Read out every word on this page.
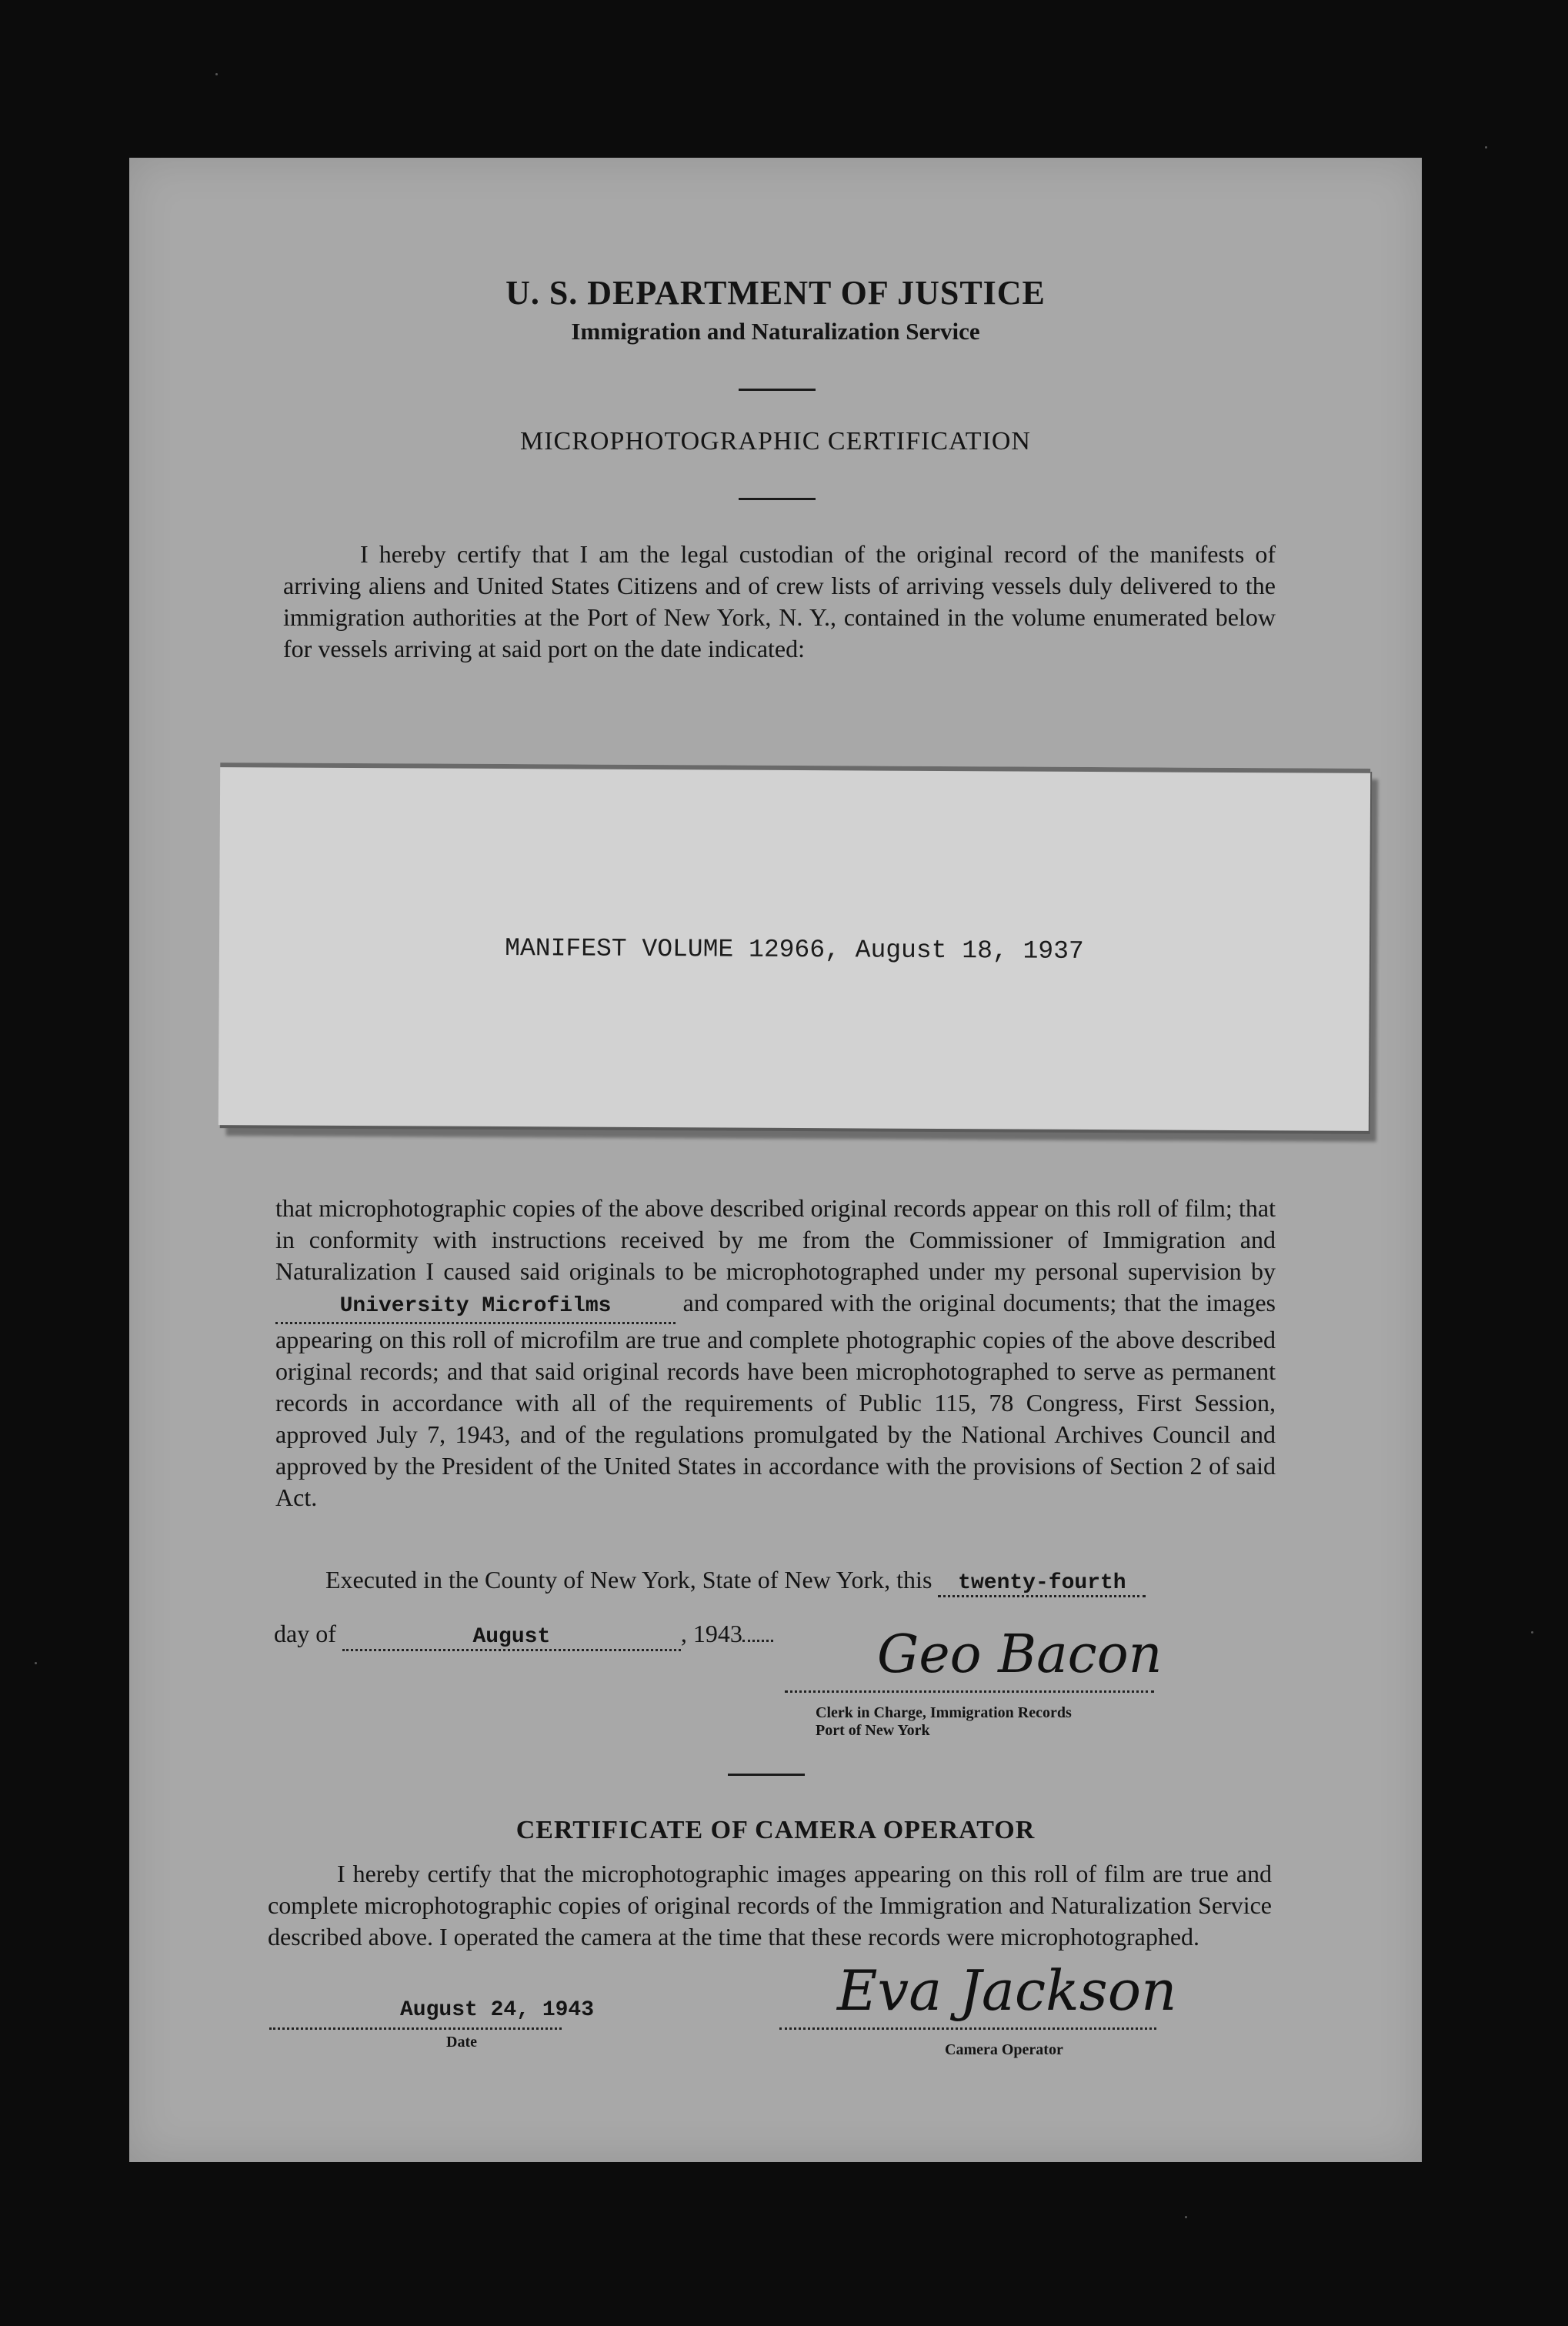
U. S. DEPARTMENT OF JUSTICE
Immigration and Naturalization Service
MICROPHOTOGRAPHIC CERTIFICATION
I hereby certify that I am the legal custodian of the original record of the manifests of arriving aliens and United States Citizens and of crew lists of arriving vessels duly delivered to the immigration authorities at the Port of New York, N. Y., contained in the volume enumerated below for vessels arriving at said port on the date indicated:
MANIFEST VOLUME 12966, August 18, 1937
that microphotographic copies of the above described original records appear on this roll of film; that in conformity with instructions received by me from the Commissioner of Immigration and Naturalization I caused said originals to be microphotographed under my personal supervision by University Microfilms	and compared with the original documents; that the images appearing on this roll of microfilm are true and complete photographic copies of the above described original records; and that said original records have been microphotographed to serve as permanent records in accordance with all of the requirements of Public 115, 78 Congress, First Session, approved July 7, 1943, and of the regulations promulgated by the National Archives Council and approved by the President of the United States in accordance with the provisions of Section 2 of said Act.
Executed in the County of New York, State of New York, this twenty-fourth
day of	August	, 1943	Geo Bacon
Clerk in Charge, Immigration Records
Port of New York
CERTIFICATE OF CAMERA OPERATOR
I hereby certify that the microphotographic images appearing on this roll of film are true and complete microphotographic copies of original records of the Immigration and Naturalization Service described above. I operated the camera at the time that these records were microphotographed.
August 24, 1943
Date
Eva Jackson
Camera Operator
